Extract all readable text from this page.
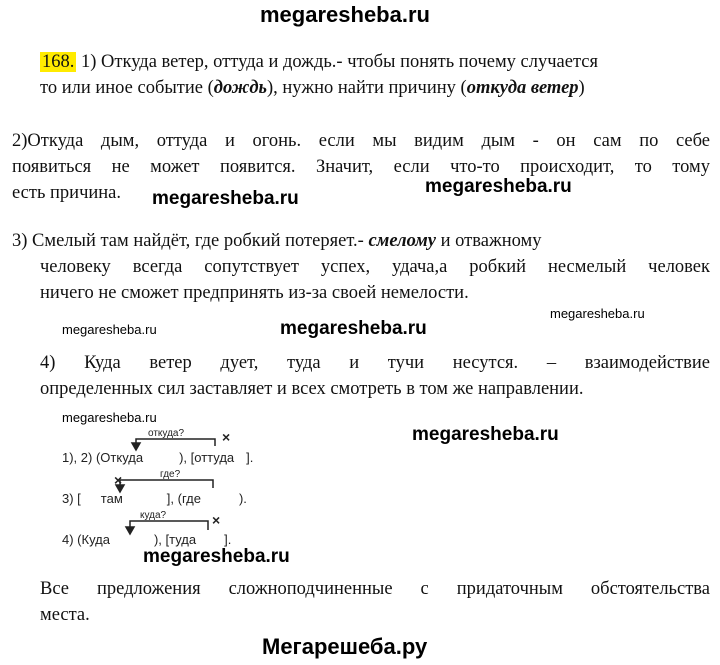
megaresheba.ru
168. 1) Откуда ветер, оттуда и дождь.- чтобы понять почему случается
то или иное событие (дождь), нужно найти причину (откуда ветер)
2)Откуда дым, оттуда и огонь. если мы видим дым - он сам по себе
появиться не может появится. Значит, если что-то происходит, то тому
есть причина.	megaresheba.ru
megaresheba.ru
3) Смелый там найдёт, где робкий потеряет.- смелому и отважному
человеку всегда сопутствует успех, удача,а робкий несмелый человек
ничего не сможет предпринять из-за своей немелости.
megaresheba.ru	megaresheba.ru
megaresheba.ru
4) Куда ветер дует, туда и тучи несутся. – взаимодействие
определенных сил заставляет и всех смотреть в том же направлении.
megaresheba.ru
откуда?	×
1), 2) (Откуда	), [оттуда ].
×	где?
3) [ там	], (где	).
куда?	×
4) (Куда	), [туда ].
megaresheba.ru
megaresheba.ru
Все предложения сложноподчиненные с придаточным обстоятельства
места.
Мегарешеба.ру
